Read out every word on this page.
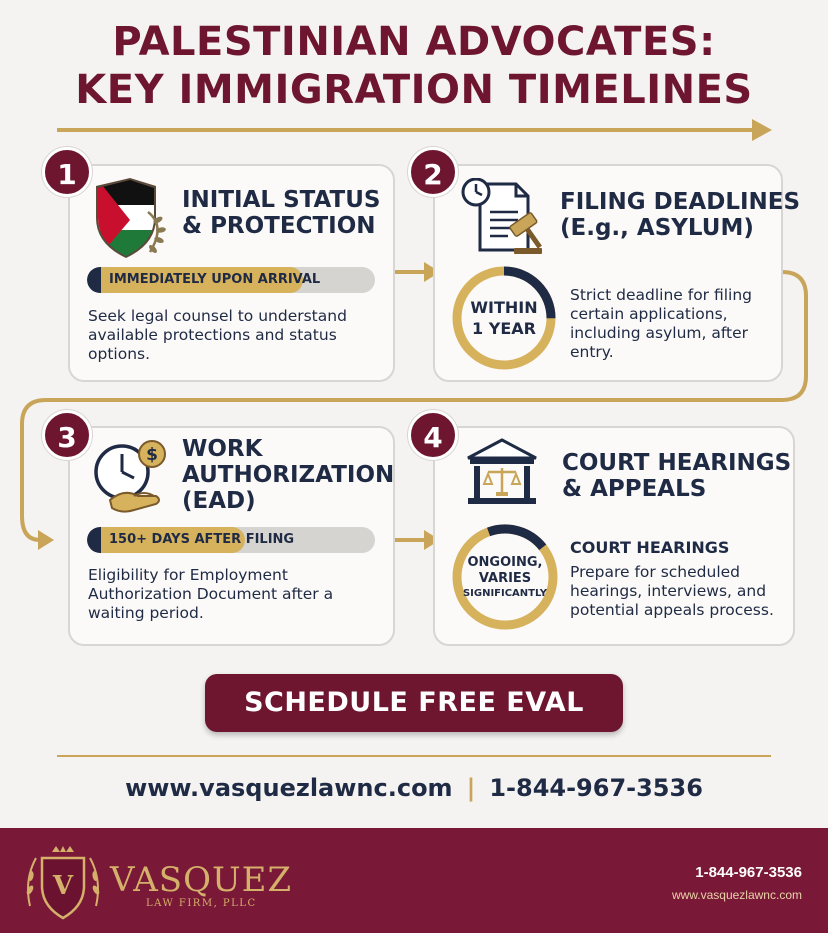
PALESTINIAN ADVOCATES:
KEY IMMIGRATION TIMELINES
1
INITIAL STATUS
& PROTECTION
IMMEDIATELY UPON ARRIVAL
Seek legal counsel to understand
available protections and status
options.
2
FILING DEADLINES
(E.g., ASYLUM)
WITHIN
1 YEAR
Strict deadline for filing
certain applications,
including asylum, after
entry.
3
$ WORK
AUTHORIZATION
(EAD)
150+ DAYS AFTER FILING
Eligibility for Employment
Authorization Document after a
waiting period.
4
COURT HEARINGS
& APPEALS
ONGOING,
VARIES
SIGNIFICANTLY
COURT HEARINGS
Prepare for scheduled
hearings, interviews, and
potential appeals process.
SCHEDULE FREE EVAL
www.vasquezlawnc.com | 1-844-967-3536
V VASQUEZ
LAW FIRM, PLLC
1-844-967-3536
www.vasquezlawnc.com
